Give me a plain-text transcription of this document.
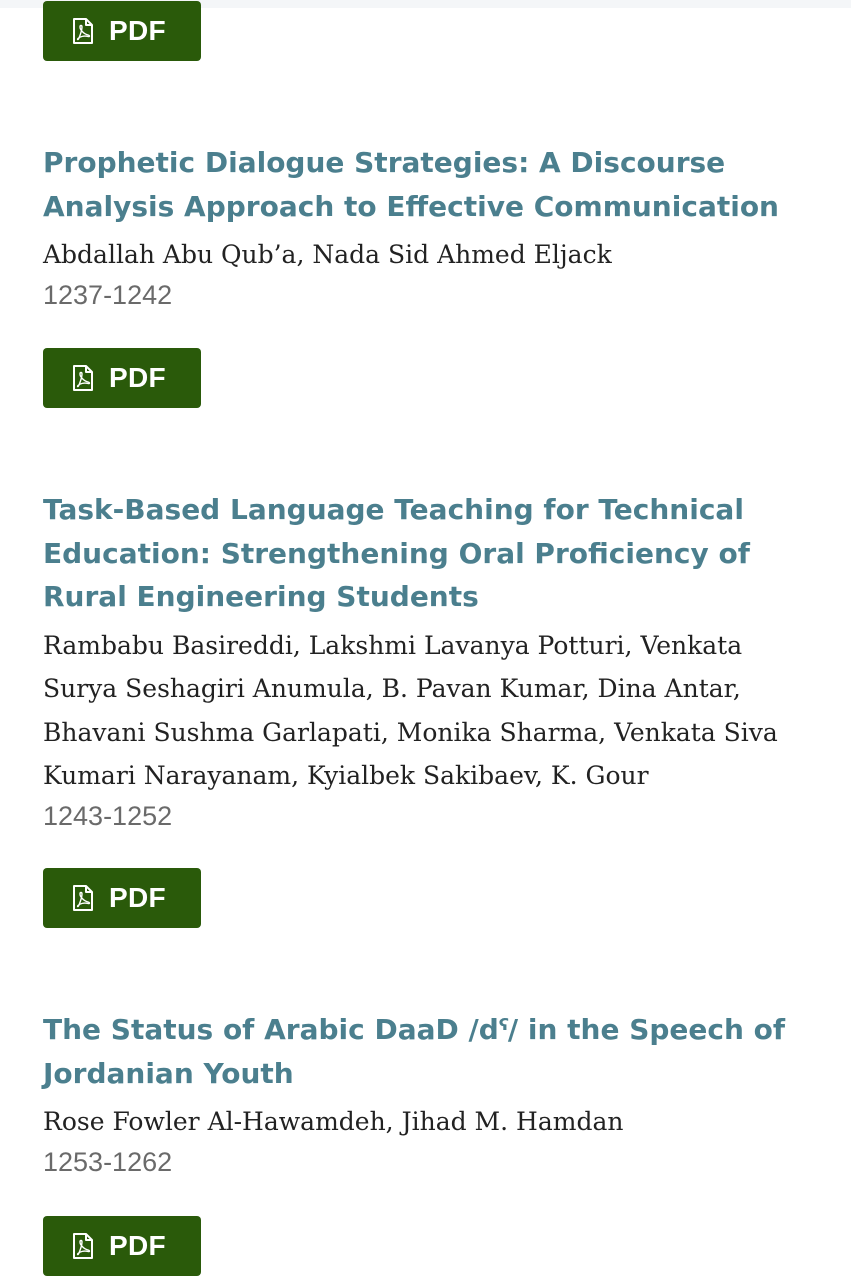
PDF
Prophetic Dialogue Strategies: A Discourse Analysis Approach to Effective Communication
Abdallah Abu Qub’a, Nada Sid Ahmed Eljack
1237-1242
PDF
Task-Based Language Teaching for Technical Education: Strengthening Oral Proficiency of Rural Engineering Students
Rambabu Basireddi, Lakshmi Lavanya Potturi, Venkata Surya Seshagiri Anumula, B. Pavan Kumar, Dina Antar, Bhavani Sushma Garlapati, Monika Sharma, Venkata Siva Kumari Narayanam, Kyialbek Sakibaev, K. Gour
1243-1252
PDF
The Status of Arabic DaaD /dˤ/ in the Speech of Jordanian Youth
Rose Fowler Al-Hawamdeh, Jihad M. Hamdan
1253-1262
PDF
